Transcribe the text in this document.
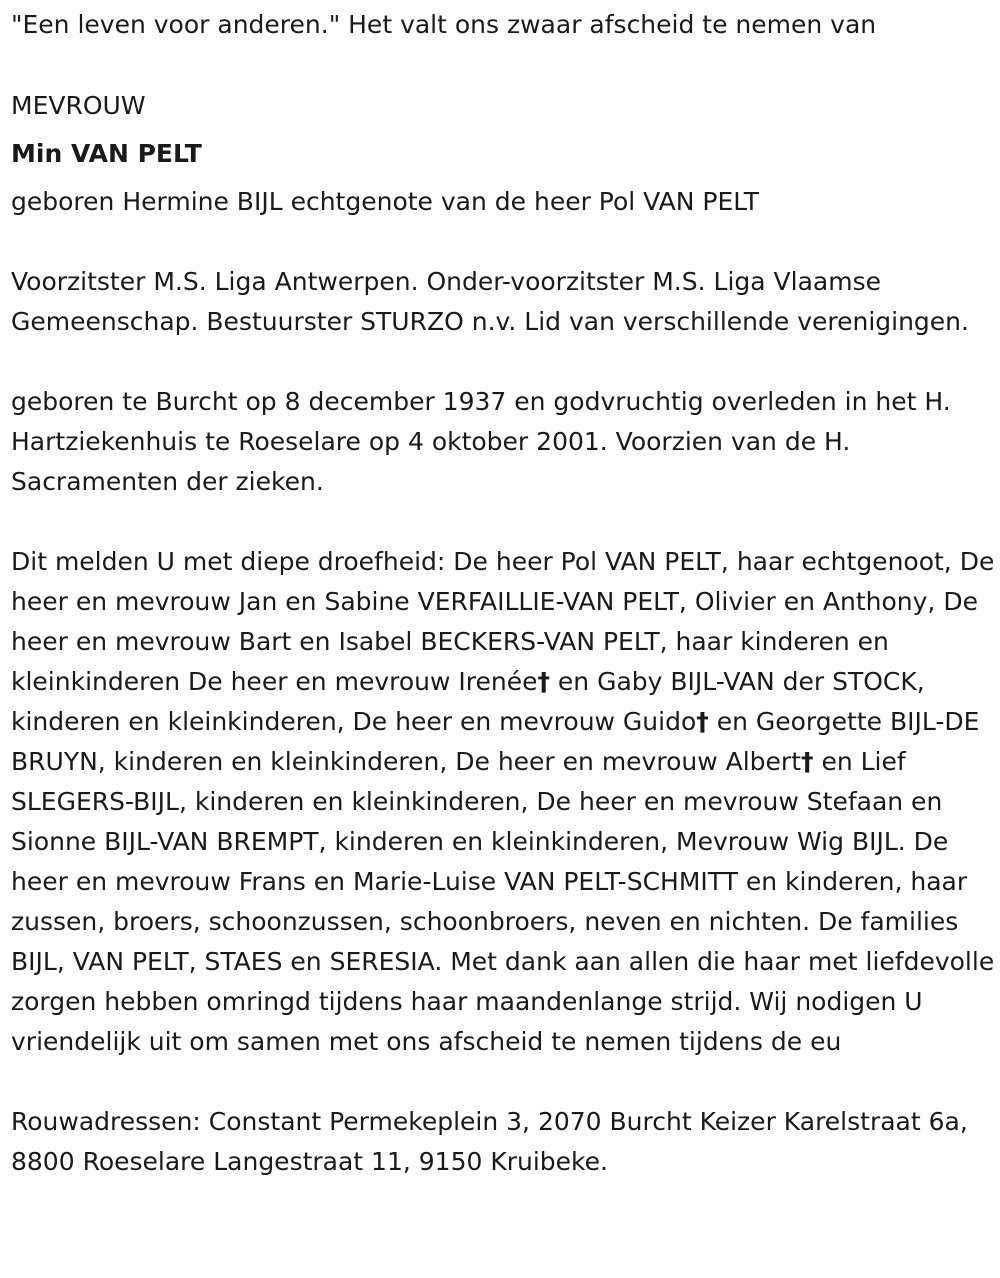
"Een leven voor anderen." Het valt ons zwaar afscheid te nemen van

MEVROUW

Min VAN PELT

geboren Hermine BIJL echtgenote van de heer Pol VAN PELT

Voorzitster M.S. Liga Antwerpen. Onder-voorzitster M.S. Liga Vlaamse Gemeenschap. Bestuurster STURZO n.v. Lid van verschillende verenigingen.

geboren te Burcht op 8 december 1937 en godvruchtig overleden in het H. Hartziekenhuis te Roeselare op 4 oktober 2001. Voorzien van de H. Sacramenten der zieken.

Dit melden U met diepe droefheid: De heer Pol VAN PELT, haar echtgenoot, De heer en mevrouw Jan en Sabine VERFAILLIE-VAN PELT, Olivier en Anthony, De heer en mevrouw Bart en Isabel BECKERS-VAN PELT, haar kinderen en kleinkinderen De heer en mevrouw Irenée† en Gaby BIJL-VAN der STOCK, kinderen en kleinkinderen, De heer en mevrouw Guido† en Georgette BIJL-DE BRUYN, kinderen en kleinkinderen, De heer en mevrouw Albert† en Lief SLEGERS-BIJL, kinderen en kleinkinderen, De heer en mevrouw Stefaan en Sionne BIJL-VAN BREMPT, kinderen en kleinkinderen, Mevrouw Wig BIJL. De heer en mevrouw Frans en Marie-Luise VAN PELT-SCHMITT en kinderen, haar zussen, broers, schoonzussen, schoonbroers, neven en nichten. De families BIJL, VAN PELT, STAES en SERESIA. Met dank aan allen die haar met liefdevolle zorgen hebben omringd tijdens haar maandenlange strijd. Wij nodigen U vriendelijk uit om samen met ons afscheid te nemen tijdens de eu

Rouwadressen: Constant Permekeplein 3, 2070 Burcht Keizer Karelstraat 6a, 8800 Roeselare Langestraat 11, 9150 Kruibeke.
